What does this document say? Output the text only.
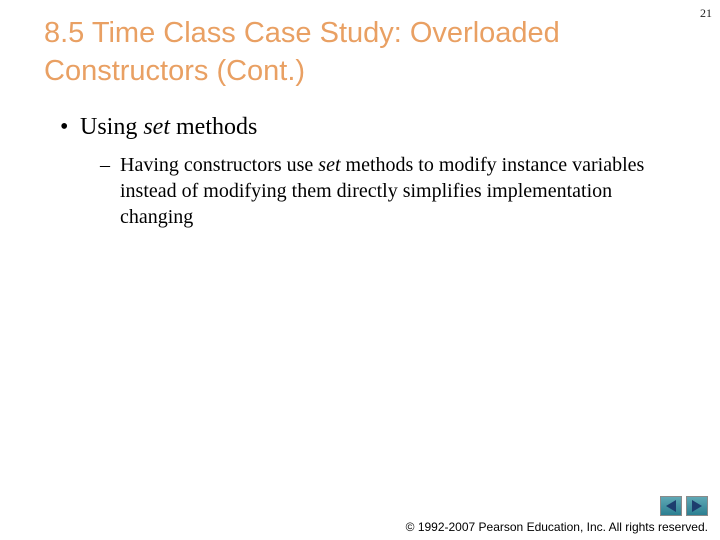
8.5 Time Class Case Study: Overloaded Constructors (Cont.)
21
• Using set methods
– Having constructors use set methods to modify instance variables instead of modifying them directly simplifies implementation changing
© 1992-2007 Pearson Education, Inc. All rights reserved.
